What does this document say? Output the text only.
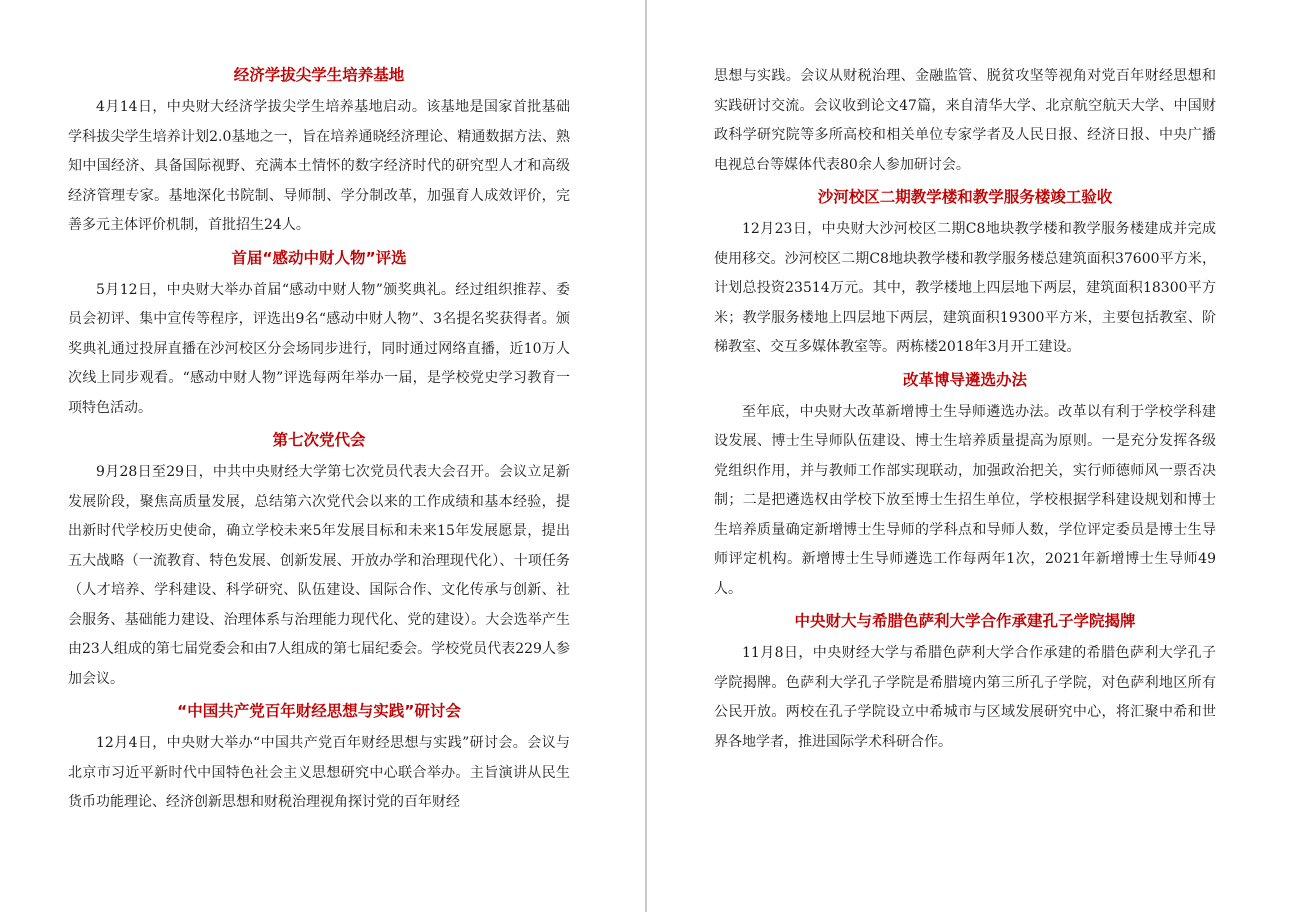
经济学拔尖学生培养基地

4月14日，中央财大经济学拔尖学生培养基地启动。该基地是国家首批基础学科拔尖学生培养计划2.0基地之一，旨在培养通晓经济理论、精通数据方法、熟知中国经济、具备国际视野、充满本土情怀的数字经济时代的研究型人才和高级经济管理专家。基地深化书院制、导师制、学分制改革，加强育人成效评价，完善多元主体评价机制，首批招生24人。

首届“感动中财人物”评选

5月12日，中央财大举办首届“感动中财人物”颁奖典礼。经过组织推荐、委员会初评、集中宣传等程序，评选出9名“感动中财人物”、3名提名奖获得者。颁奖典礼通过投屏直播在沙河校区分会场同步进行，同时通过网络直播，近10万人次线上同步观看。“感动中财人物”评选每两年举办一届，是学校党史学习教育一项特色活动。

第七次党代会

9月28日至29日，中共中央财经大学第七次党员代表大会召开。会议立足新发展阶段，聚焦高质量发展，总结第六次党代会以来的工作成绩和基本经验，提出新时代学校历史使命，确立学校未来5年发展目标和未来15年发展愿景，提出五大战略（一流教育、特色发展、创新发展、开放办学和治理现代化）、十项任务（人才培养、学科建设、科学研究、队伍建设、国际合作、文化传承与创新、社会服务、基础能力建设、治理体系与治理能力现代化、党的建设）。大会选举产生由23人组成的第七届党委会和由7人组成的第七届纪委会。学校党员代表229人参加会议。

“中国共产党百年财经思想与实践”研讨会

12月4日，中央财大举办“中国共产党百年财经思想与实践”研讨会。会议与北京市习近平新时代中国特色社会主义思想研究中心联合举办。主旨演讲从民生货币功能理论、经济创新思想和财税治理视角探讨党的百年财经

思想与实践。会议从财税治理、金融监管、脱贫攻坚等视角对党百年财经思想和实践研讨交流。会议收到论文47篇，来自清华大学、北京航空航天大学、中国财政科学研究院等多所高校和相关单位专家学者及人民日报、经济日报、中央广播电视总台等媒体代表80余人参加研讨会。

沙河校区二期教学楼和教学服务楼竣工验收

12月23日，中央财大沙河校区二期C8地块教学楼和教学服务楼建成并完成使用移交。沙河校区二期C8地块教学楼和教学服务楼总建筑面积37600平方米，计划总投资23514万元。其中，教学楼地上四层地下两层，建筑面积18300平方米；教学服务楼地上四层地下两层，建筑面积19300平方米，主要包括教室、阶梯教室、交互多媒体教室等。两栋楼2018年3月开工建设。

改革博导遴选办法

至年底，中央财大改革新增博士生导师遴选办法。改革以有利于学校学科建设发展、博士生导师队伍建设、博士生培养质量提高为原则。一是充分发挥各级党组织作用，并与教师工作部实现联动，加强政治把关，实行师德师风一票否决制；二是把遴选权由学校下放至博士生招生单位，学校根据学科建设规划和博士生培养质量确定新增博士生导师的学科点和导师人数，学位评定委员是博士生导师评定机构。新增博士生导师遴选工作每两年1次，2021年新增博士生导师49人。

中央财大与希腊色萨利大学合作承建孔子学院揭牌

11月8日，中央财经大学与希腊色萨利大学合作承建的希腊色萨利大学孔子学院揭牌。色萨利大学孔子学院是希腊境内第三所孔子学院，对色萨利地区所有公民开放。两校在孔子学院设立中希城市与区域发展研究中心，将汇聚中希和世界各地学者，推进国际学术科研合作。
